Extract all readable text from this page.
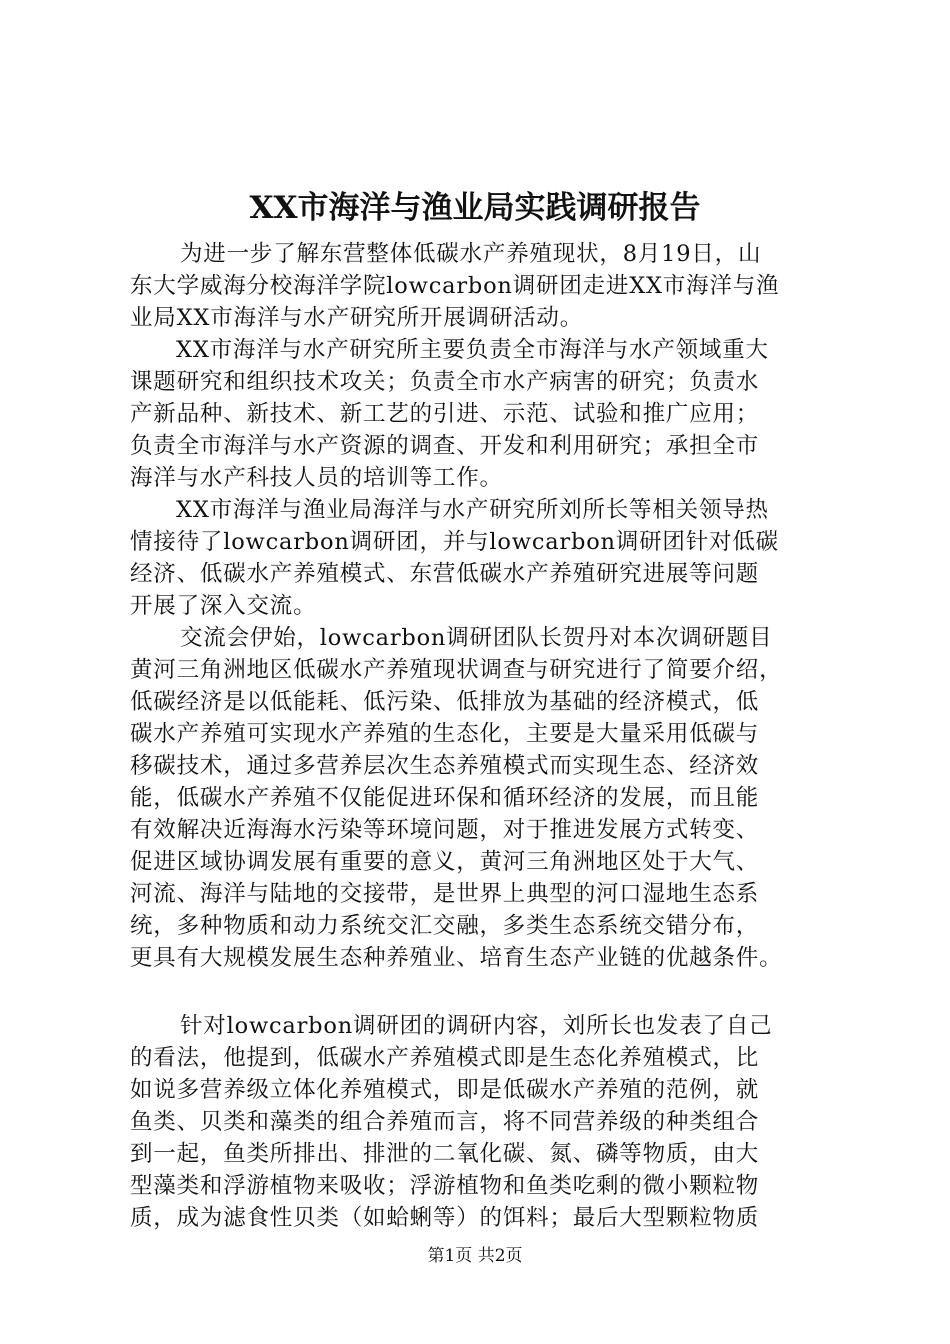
XX市海洋与渔业局实践调研报告
为进一步了解东营整体低碳水产养殖现状，8月19日，山
东大学威海分校海洋学院lowcarbon调研团走进XX市海洋与渔
业局XX市海洋与水产研究所开展调研活动。
XX市海洋与水产研究所主要负责全市海洋与水产领域重大
课题研究和组织技术攻关；负责全市水产病害的研究；负责水
产新品种、新技术、新工艺的引进、示范、试验和推广应用；
负责全市海洋与水产资源的调查、开发和利用研究；承担全市
海洋与水产科技人员的培训等工作。
XX市海洋与渔业局海洋与水产研究所刘所长等相关领导热
情接待了lowcarbon调研团，并与lowcarbon调研团针对低碳
经济、低碳水产养殖模式、东营低碳水产养殖研究进展等问题
开展了深入交流。
交流会伊始，lowcarbon调研团队长贺丹对本次调研题目
黄河三角洲地区低碳水产养殖现状调查与研究进行了简要介绍，
低碳经济是以低能耗、低污染、低排放为基础的经济模式，低
碳水产养殖可实现水产养殖的生态化，主要是大量采用低碳与
移碳技术，通过多营养层次生态养殖模式而实现生态、经济效
能，低碳水产养殖不仅能促进环保和循环经济的发展，而且能
有效解决近海海水污染等环境问题，对于推进发展方式转变、
促进区域协调发展有重要的意义，黄河三角洲地区处于大气、
河流、海洋与陆地的交接带，是世界上典型的河口湿地生态系
统，多种物质和动力系统交汇交融，多类生态系统交错分布，
更具有大规模发展生态种养殖业、培育生态产业链的优越条件。
针对lowcarbon调研团的调研内容，刘所长也发表了自己
的看法，他提到，低碳水产养殖模式即是生态化养殖模式，比
如说多营养级立体化养殖模式，即是低碳水产养殖的范例，就
鱼类、贝类和藻类的组合养殖而言，将不同营养级的种类组合
到一起，鱼类所排出、排泄的二氧化碳、氮、磷等物质，由大
型藻类和浮游植物来吸收；浮游植物和鱼类吃剩的微小颗粒物
质，成为滤食性贝类（如蛤蜊等）的饵料；最后大型颗粒物质
第1页 共2页
